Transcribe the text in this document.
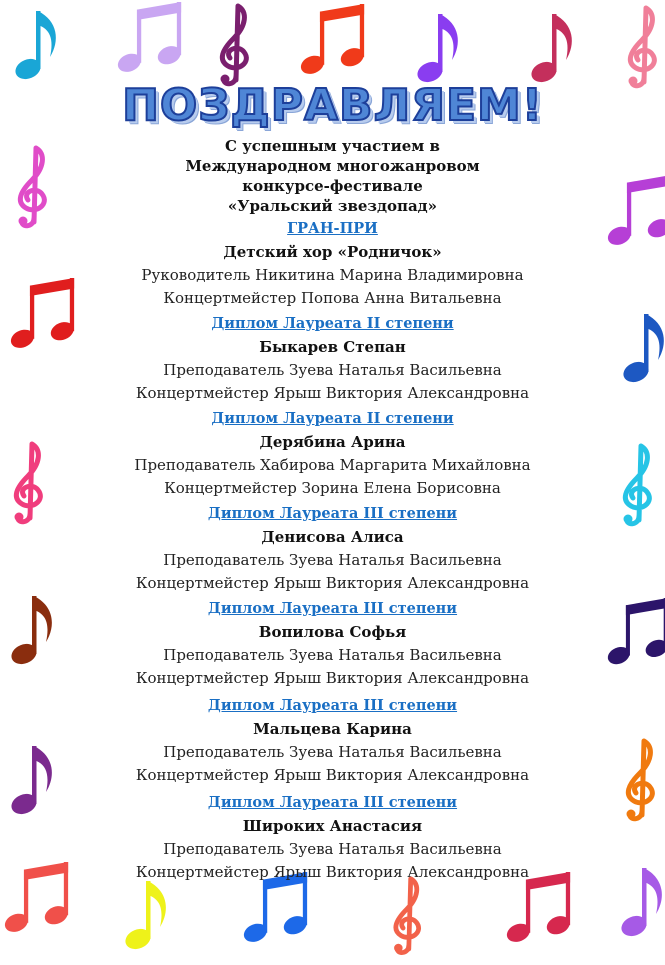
ПОЗДРАВЛЯЕМ!
С успешным участием в
Международном многожанровом
конкурсе-фестивале
«Уральский звездопад»
ГРАН-ПРИ
Детский хор «Родничок»
Руководитель Никитина Марина Владимировна
Концертмейстер Попова Анна Витальевна
Диплом Лауреата II степени
Быкарев Степан
Преподаватель Зуева Наталья Васильевна
Концертмейстер Ярыш Виктория Александровна
Диплом Лауреата II степени
Дерябина Арина
Преподаватель Хабирова Маргарита Михайловна
Концертмейстер Зорина Елена Борисовна
Диплом Лауреата III степени
Денисова Алиса
Преподаватель Зуева Наталья Васильевна
Концертмейстер Ярыш Виктория Александровна
Диплом Лауреата III степени
Вопилова Софья
Преподаватель Зуева Наталья Васильевна
Концертмейстер Ярыш Виктория Александровна
Диплом Лауреата III степени
Мальцева Карина
Преподаватель Зуева Наталья Васильевна
Концертмейстер Ярыш Виктория Александровна
Диплом Лауреата III степени
Широких Анастасия
Преподаватель Зуева Наталья Васильевна
Концертмейстер Ярыш Виктория Александровна
